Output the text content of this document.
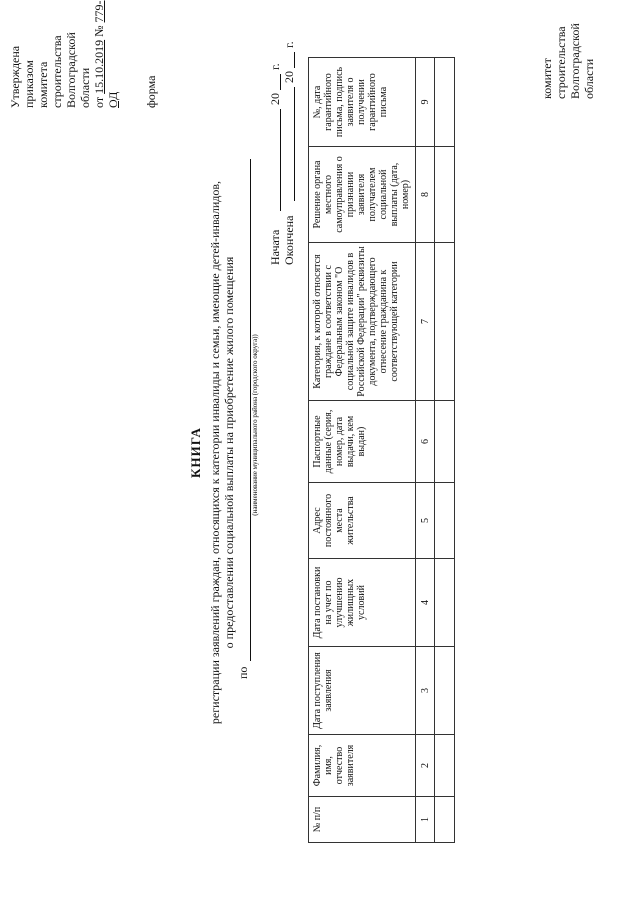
Утверждена приказом комитета строительства Волгоградской области от 15.10.2019 № 779-ОД форма
КНИГА регистрации заявлений граждан, относящихся к категории инвалиды и семьи, имеющие детей-инвалидов, о предоставлении социальной выплаты на приобретение жилого помещения
по
(наименование муниципального района (городского округа))
Начата
20
г.
Окончена
20
г.
№ п/п	Фамилия, имя, отчество заявителя	Дата поступления заявления	Дата постановки на учет по улучшению жилищных условий	Адрес постоянного места жительства	Паспортные данные (серия, номер, дата выдачи, кем выдан)	Категория, к которой относятся граждане в соответствии с Федеральным законом "О социальной защите инвалидов в Российской Федерации" реквизиты документа, подтверждающего отнесение гражданина к соответствующей категории	Решение органа местного самоуправления о признании заявителя получателем социальной выплаты (дата, номер)	№, дата гарантийного письма, подпись заявителя о получении гарантийного письма
1	2	3	4	5	6	7	8	9

комитет строительства Волгоградской области
